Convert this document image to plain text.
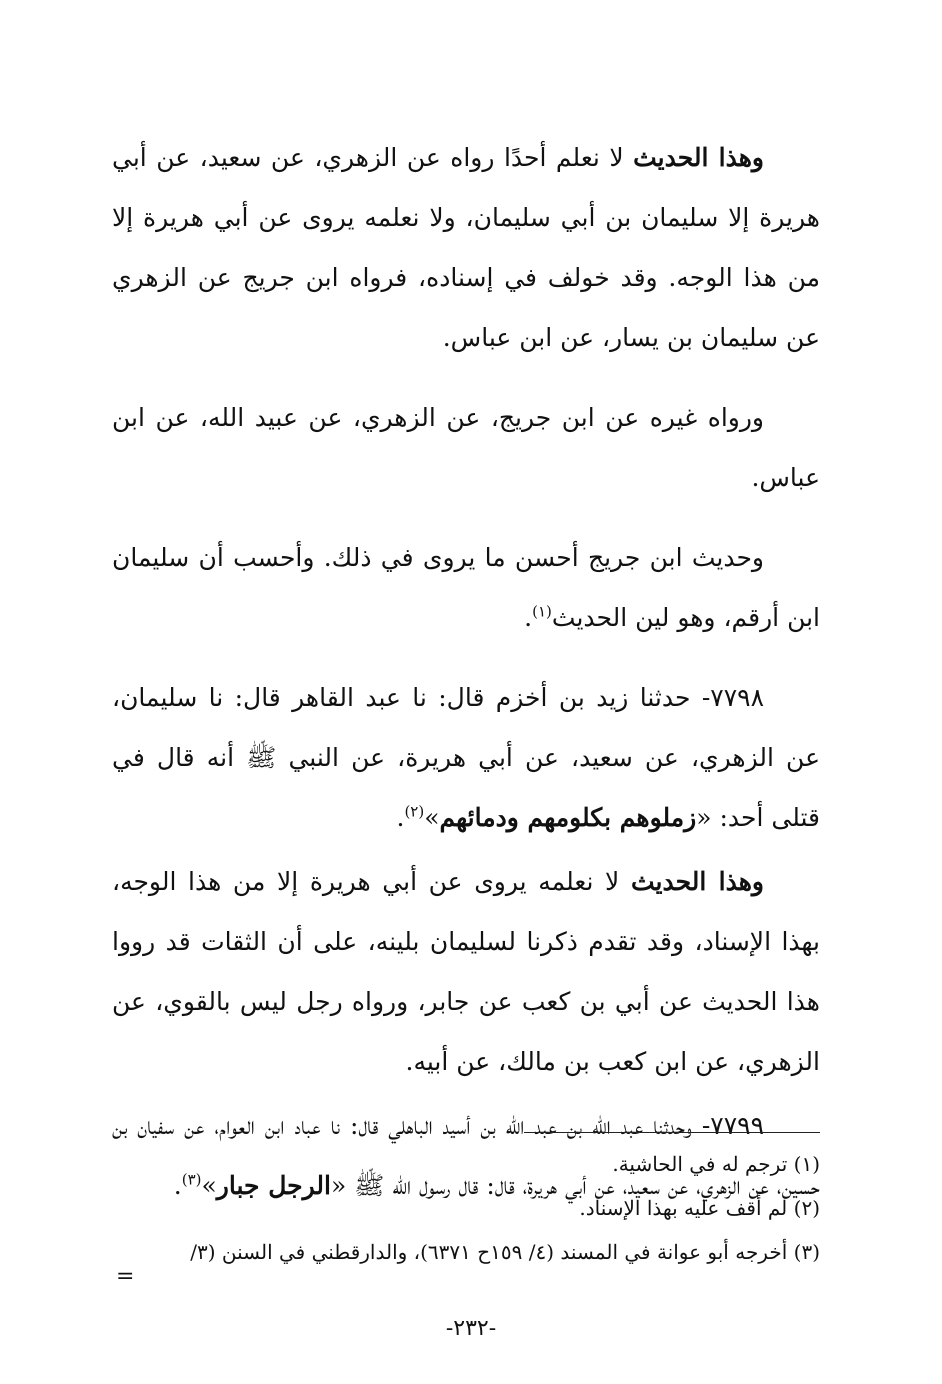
وهذا الحديث لا نعلم أحدًا رواه عن الزهري، عن سعيد، عن أبي هريرة إلا سليمان بن أبي سليمان، ولا نعلمه يروى عن أبي هريرة إلا من هذا الوجه. وقد خولف في إسناده، فرواه ابن جريج عن الزهري عن سليمان بن يسار، عن ابن عباس.

ورواه غيره عن ابن جريج، عن الزهري، عن عبيد الله، عن ابن عباس.

وحديث ابن جريج أحسن ما يروى في ذلك. وأحسب أن سليمان ابن أرقم، وهو لين الحديث$^{(١)}$.

٧٧٩٨- حدثنا زيد بن أخزم قال: نا عبد القاهر قال: نا سليمان، عن الزهري، عن سعيد، عن أبي هريرة، عن النبي ﷺ أنه قال في قتلى أحد: «زملوهم بكلومهم ودمائهم»$^{(٢)}$.

وهذا الحديث لا نعلمه يروى عن أبي هريرة إلا من هذا الوجه، بهذا الإسناد، وقد تقدم ذكرنا لسليمان بلينه، على أن الثقات قد رووا هذا الحديث عن أبي بن كعب عن جابر، ورواه رجل ليس بالقوي، عن الزهري، عن ابن كعب بن مالك، عن أبيه.

٧٧٩٩- وحدثنا عبد الله بن عبد الله بن أسيد الباهلي قال: نا عباد ابن العوام، عن سفيان بن حسين، عن الزهري، عن سعيد، عن أبي هريرة، قال: قال رسول الله ﷺ «الرجل جبار»$^{(٣)}$.

(١) ترجم له في الحاشية.

(٢) لم أقف عليه بهذا الإسناد.

(٣) أخرجه أبو عوانة في المسند (٤/ ١٥٩ح ٦٣٧١)، والدارقطني في السنن (٣/

=
-٢٣٢-
